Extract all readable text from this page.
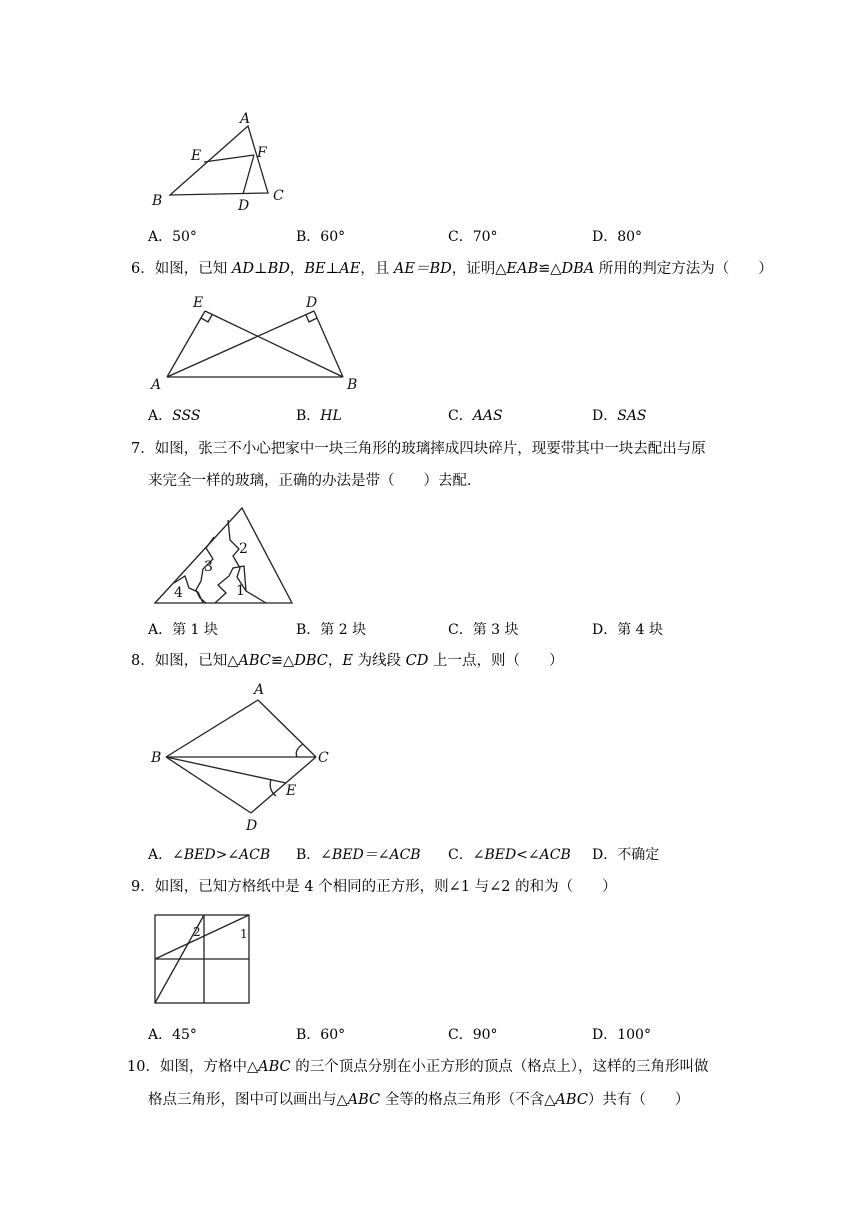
A
E	F
B	D
C
A．50°	B．60°	C．70°	D．80°
6．如图，已知 AD⊥BD，BE⊥AE，且 AE＝BD，证明△EAB≌△DBA 所用的判定方法为（　　）
E	D
A	B
A．SSS	B．HL	C．AAS	D．SAS
7．如图，张三不小心把家中一块三角形的玻璃摔成四块碎片，现要带其中一块去配出与原
来完全一样的玻璃，正确的办法是带（　　）去配．
2
3
1
4
A．第 1 块	B．第 2 块	C．第 3 块	D．第 4 块
8．如图，已知△ABC≌△DBC，E 为线段 CD 上一点，则（　　）
A
B	C
E
D
A．∠BED>∠ACB B．∠BED＝∠ACB C．∠BED<∠ACB D．不确定
9．如图，已知方格纸中是 4 个相同的正方形，则∠1 与∠2 的和为（　　）
1
2
A．45°	B．60°	C．90°	D．100°
10．如图，方格中△ABC 的三个顶点分别在小正方形的顶点（格点上），这样的三角形叫做
格点三角形，图中可以画出与△ABC 全等的格点三角形（不含△ABC）共有（　　）
